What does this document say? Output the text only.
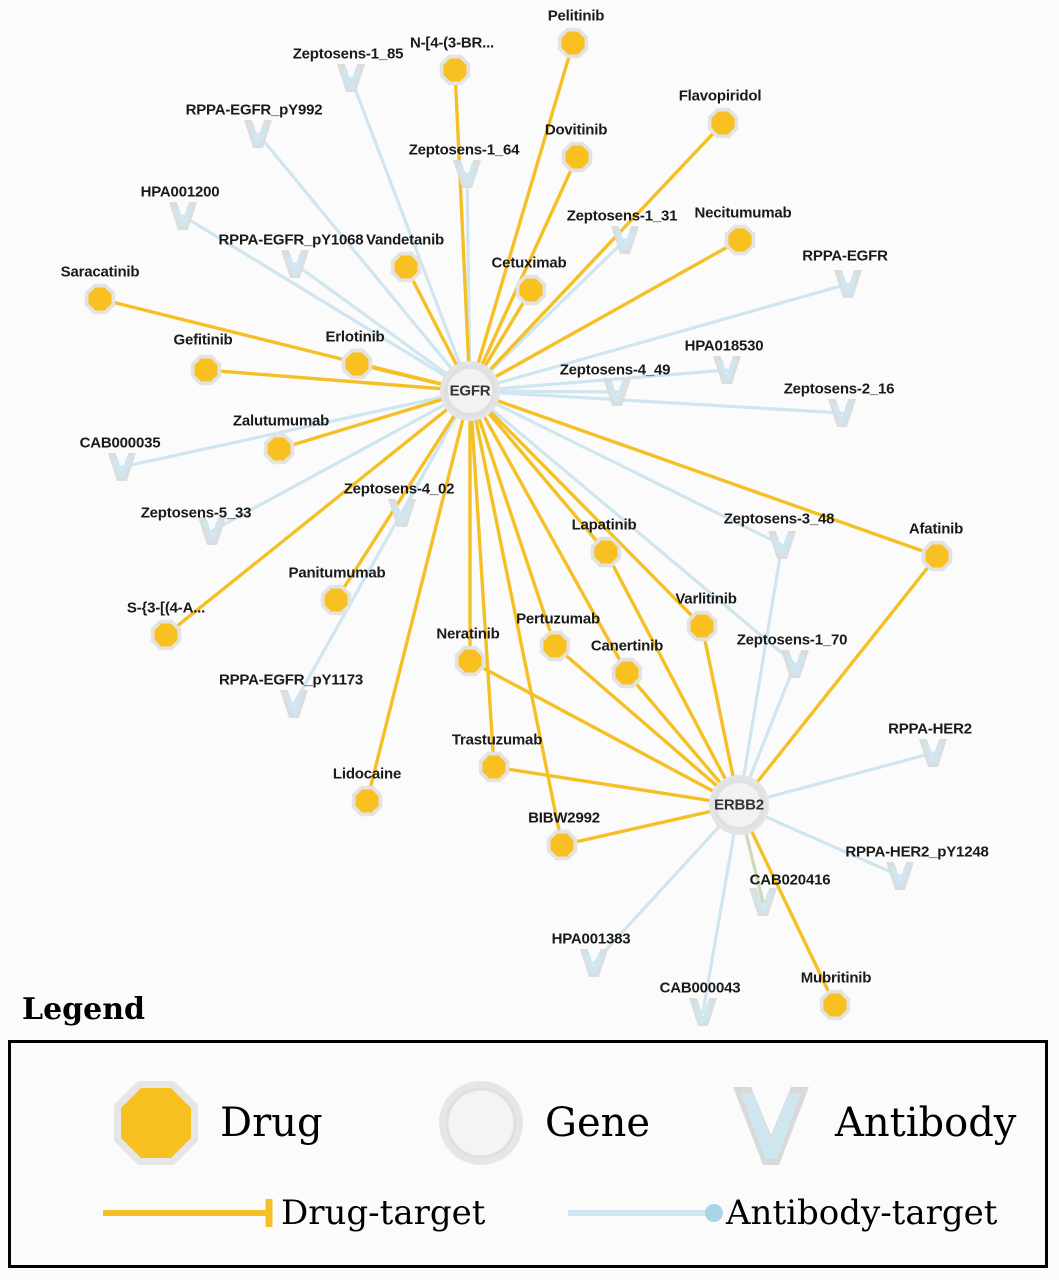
Pelitinib
N-[4-(3-BR...
Flavopiridol
Dovitinib
Necitumumab
Vandetanib
Cetuximab
Saracatinib
Erlotinib
Gefitinib
Zalutumumab
Afatinib
Lapatinib
Varlitinib
Panitumumab
S-{3-[(4-A...
Pertuzumab
Neratinib
Canertinib
Trastuzumab
Lidocaine
BIBW2992
Mubritinib
Zeptosens-1_85
RPPA-EGFR_pY992
Zeptosens-1_64
HPA001200
Zeptosens-1_31
RPPA-EGFR_pY1068
RPPA-EGFR
HPA018530
Zeptosens-4_49
Zeptosens-2_16
CAB000035
Zeptosens-4_02
Zeptosens-5_33	Zeptosens-3_48
Zeptosens-1_70
RPPA-EGFR_pY1173
RPPA-HER2
RPPA-HER2_pY1248
CAB020416
HPA001383
CAB000043
EGFR
ERBB2
Legend
Drug	Gene	Antibody
Drug-target	Antibody-target
